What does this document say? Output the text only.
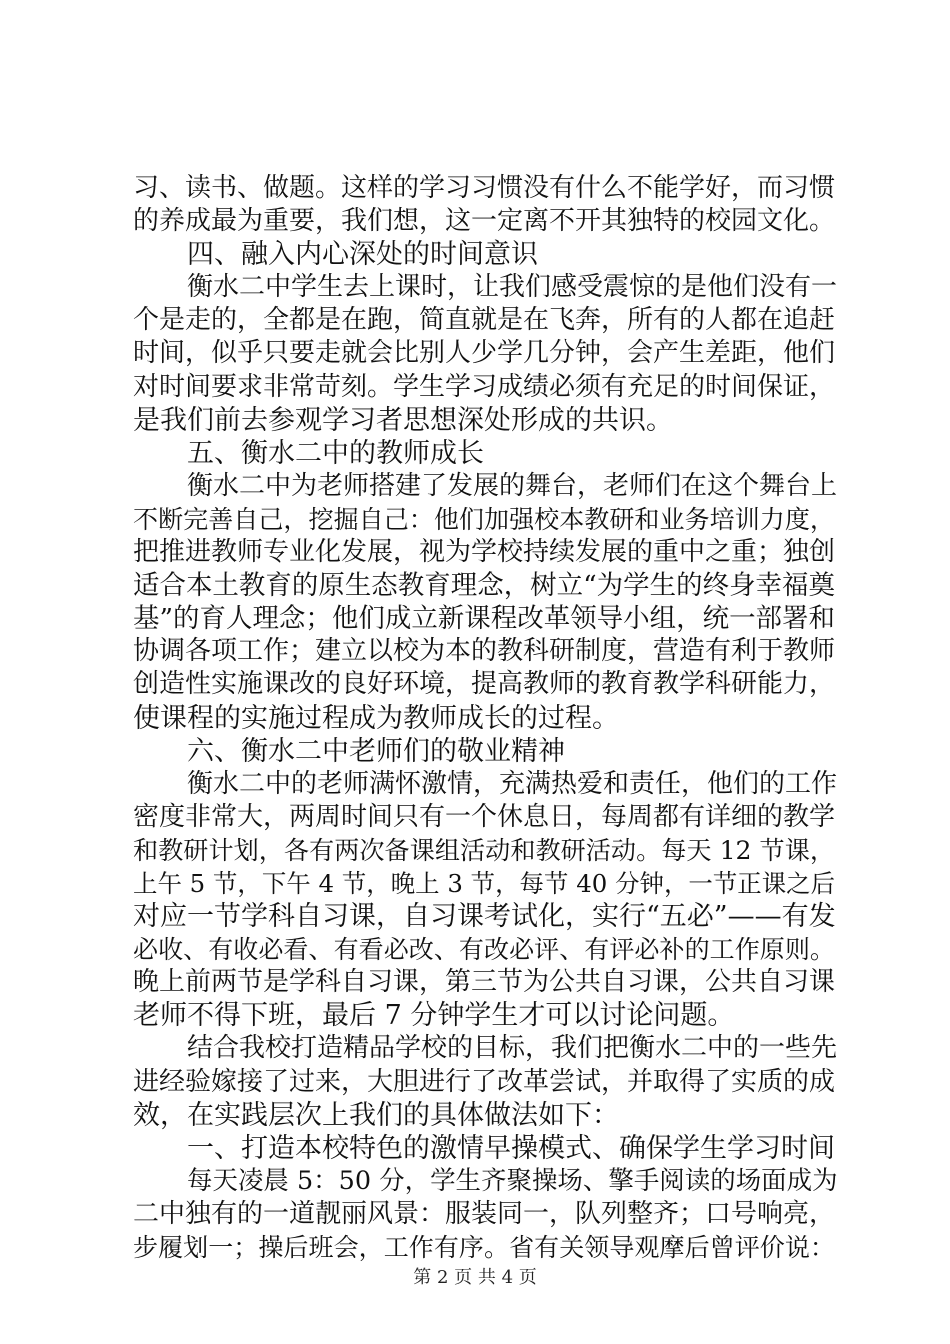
习、读书、做题。这样的学习习惯没有什么不能学好，而习惯
的养成最为重要，我们想，这一定离不开其独特的校园文化。
四、融入内心深处的时间意识
衡水二中学生去上课时，让我们感受震惊的是他们没有一
个是走的，全都是在跑，简直就是在飞奔，所有的人都在追赶
时间，似乎只要走就会比别人少学几分钟，会产生差距，他们
对时间要求非常苛刻。学生学习成绩必须有充足的时间保证，
是我们前去参观学习者思想深处形成的共识。
五、衡水二中的教师成长
衡水二中为老师搭建了发展的舞台，老师们在这个舞台上
不断完善自己，挖掘自己：他们加强校本教研和业务培训力度，
把推进教师专业化发展，视为学校持续发展的重中之重；独创
适合本土教育的原生态教育理念，树立“为学生的终身幸福奠
基”的育人理念；他们成立新课程改革领导小组，统一部署和
协调各项工作；建立以校为本的教科研制度，营造有利于教师
创造性实施课改的良好环境，提高教师的教育教学科研能力，
使课程的实施过程成为教师成长的过程。
六、衡水二中老师们的敬业精神
衡水二中的老师满怀激情，充满热爱和责任，他们的工作
密度非常大，两周时间只有一个休息日，每周都有详细的教学
和教研计划，各有两次备课组活动和教研活动。每天 12 节课，
上午 5 节，下午 4 节，晚上 3 节，每节 40 分钟，一节正课之后
对应一节学科自习课，自习课考试化，实行“五必”——有发
必收、有收必看、有看必改、有改必评、有评必补的工作原则。
晚上前两节是学科自习课，第三节为公共自习课，公共自习课
老师不得下班，最后 7 分钟学生才可以讨论问题。
结合我校打造精品学校的目标，我们把衡水二中的一些先
进经验嫁接了过来，大胆进行了改革尝试，并取得了实质的成
效，在实践层次上我们的具体做法如下：
一、打造本校特色的激情早操模式、确保学生学习时间
每天凌晨 5：50 分，学生齐聚操场、擎手阅读的场面成为
二中独有的一道靓丽风景：服装同一，队列整齐；口号响亮，
步履划一；操后班会，工作有序。省有关领导观摩后曾评价说：
第 2 页 共 4 页
